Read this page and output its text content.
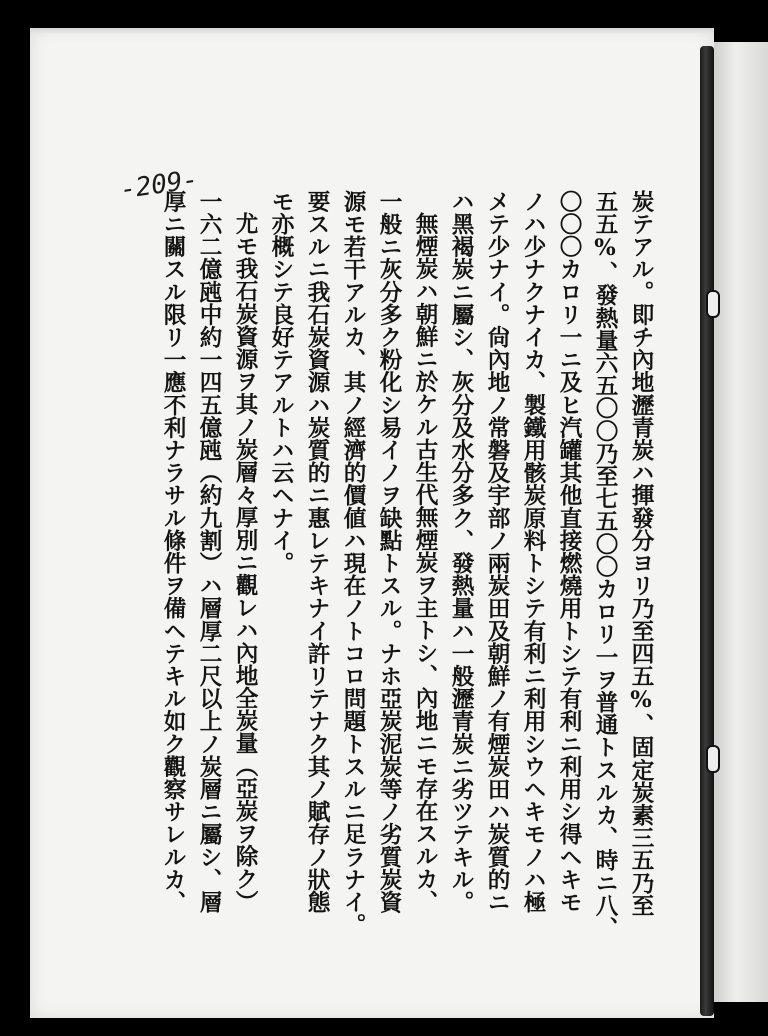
-209-
炭テアル。即チ內地瀝青炭ハ揮發分ヨリ乃至四五%、固定炭素三五乃至
五五%、發熱量六五〇〇乃至七五〇〇カロリ一ヲ普通トスルカ、時ニ八、
〇〇〇カロリ一ニ及ヒ汽罐其他直接燃燒用トシテ有利ニ利用シ得ヘキモ
ノハ少ナクナイカ、製鐵用骸炭原料トシテ有利ニ利用シウヘキモノハ極
メテ少ナイ。尙內地ノ常磐及宇部ノ兩炭田及朝鮮ノ有煙炭田ハ炭質的ニ
ハ黑褐炭ニ屬シ、灰分及水分多ク、發熱量ハ一般瀝青炭ニ劣ツテキル。
無煙炭ハ朝鮮ニ於ケル古生代無煙炭ヲ主トシ、內地ニモ存在スルカ、
一般ニ灰分多ク粉化シ易イノヲ缺點トスル。ナホ亞炭泥炭等ノ劣質炭資
源モ若干アルカ、其ノ經濟的價値ハ現在ノトコロ問題トスルニ足ラナイ。
要スルニ我石炭資源ハ炭質的ニ惠レテキナイ許リテナク其ノ賦存ノ狀態
モ亦概シテ良好テアルトハ云ヘナイ。
尤モ我石炭資源ヲ其ノ炭層々厚別ニ觀レハ內地全炭量（亞炭ヲ除ク）
一六二億瓲中約一四五億瓲（約九割）ハ層厚二尺以上ノ炭層ニ屬シ、層
厚ニ關スル限リ一應不利ナラサル條件ヲ備ヘテキル如ク觀察サレルカ、
